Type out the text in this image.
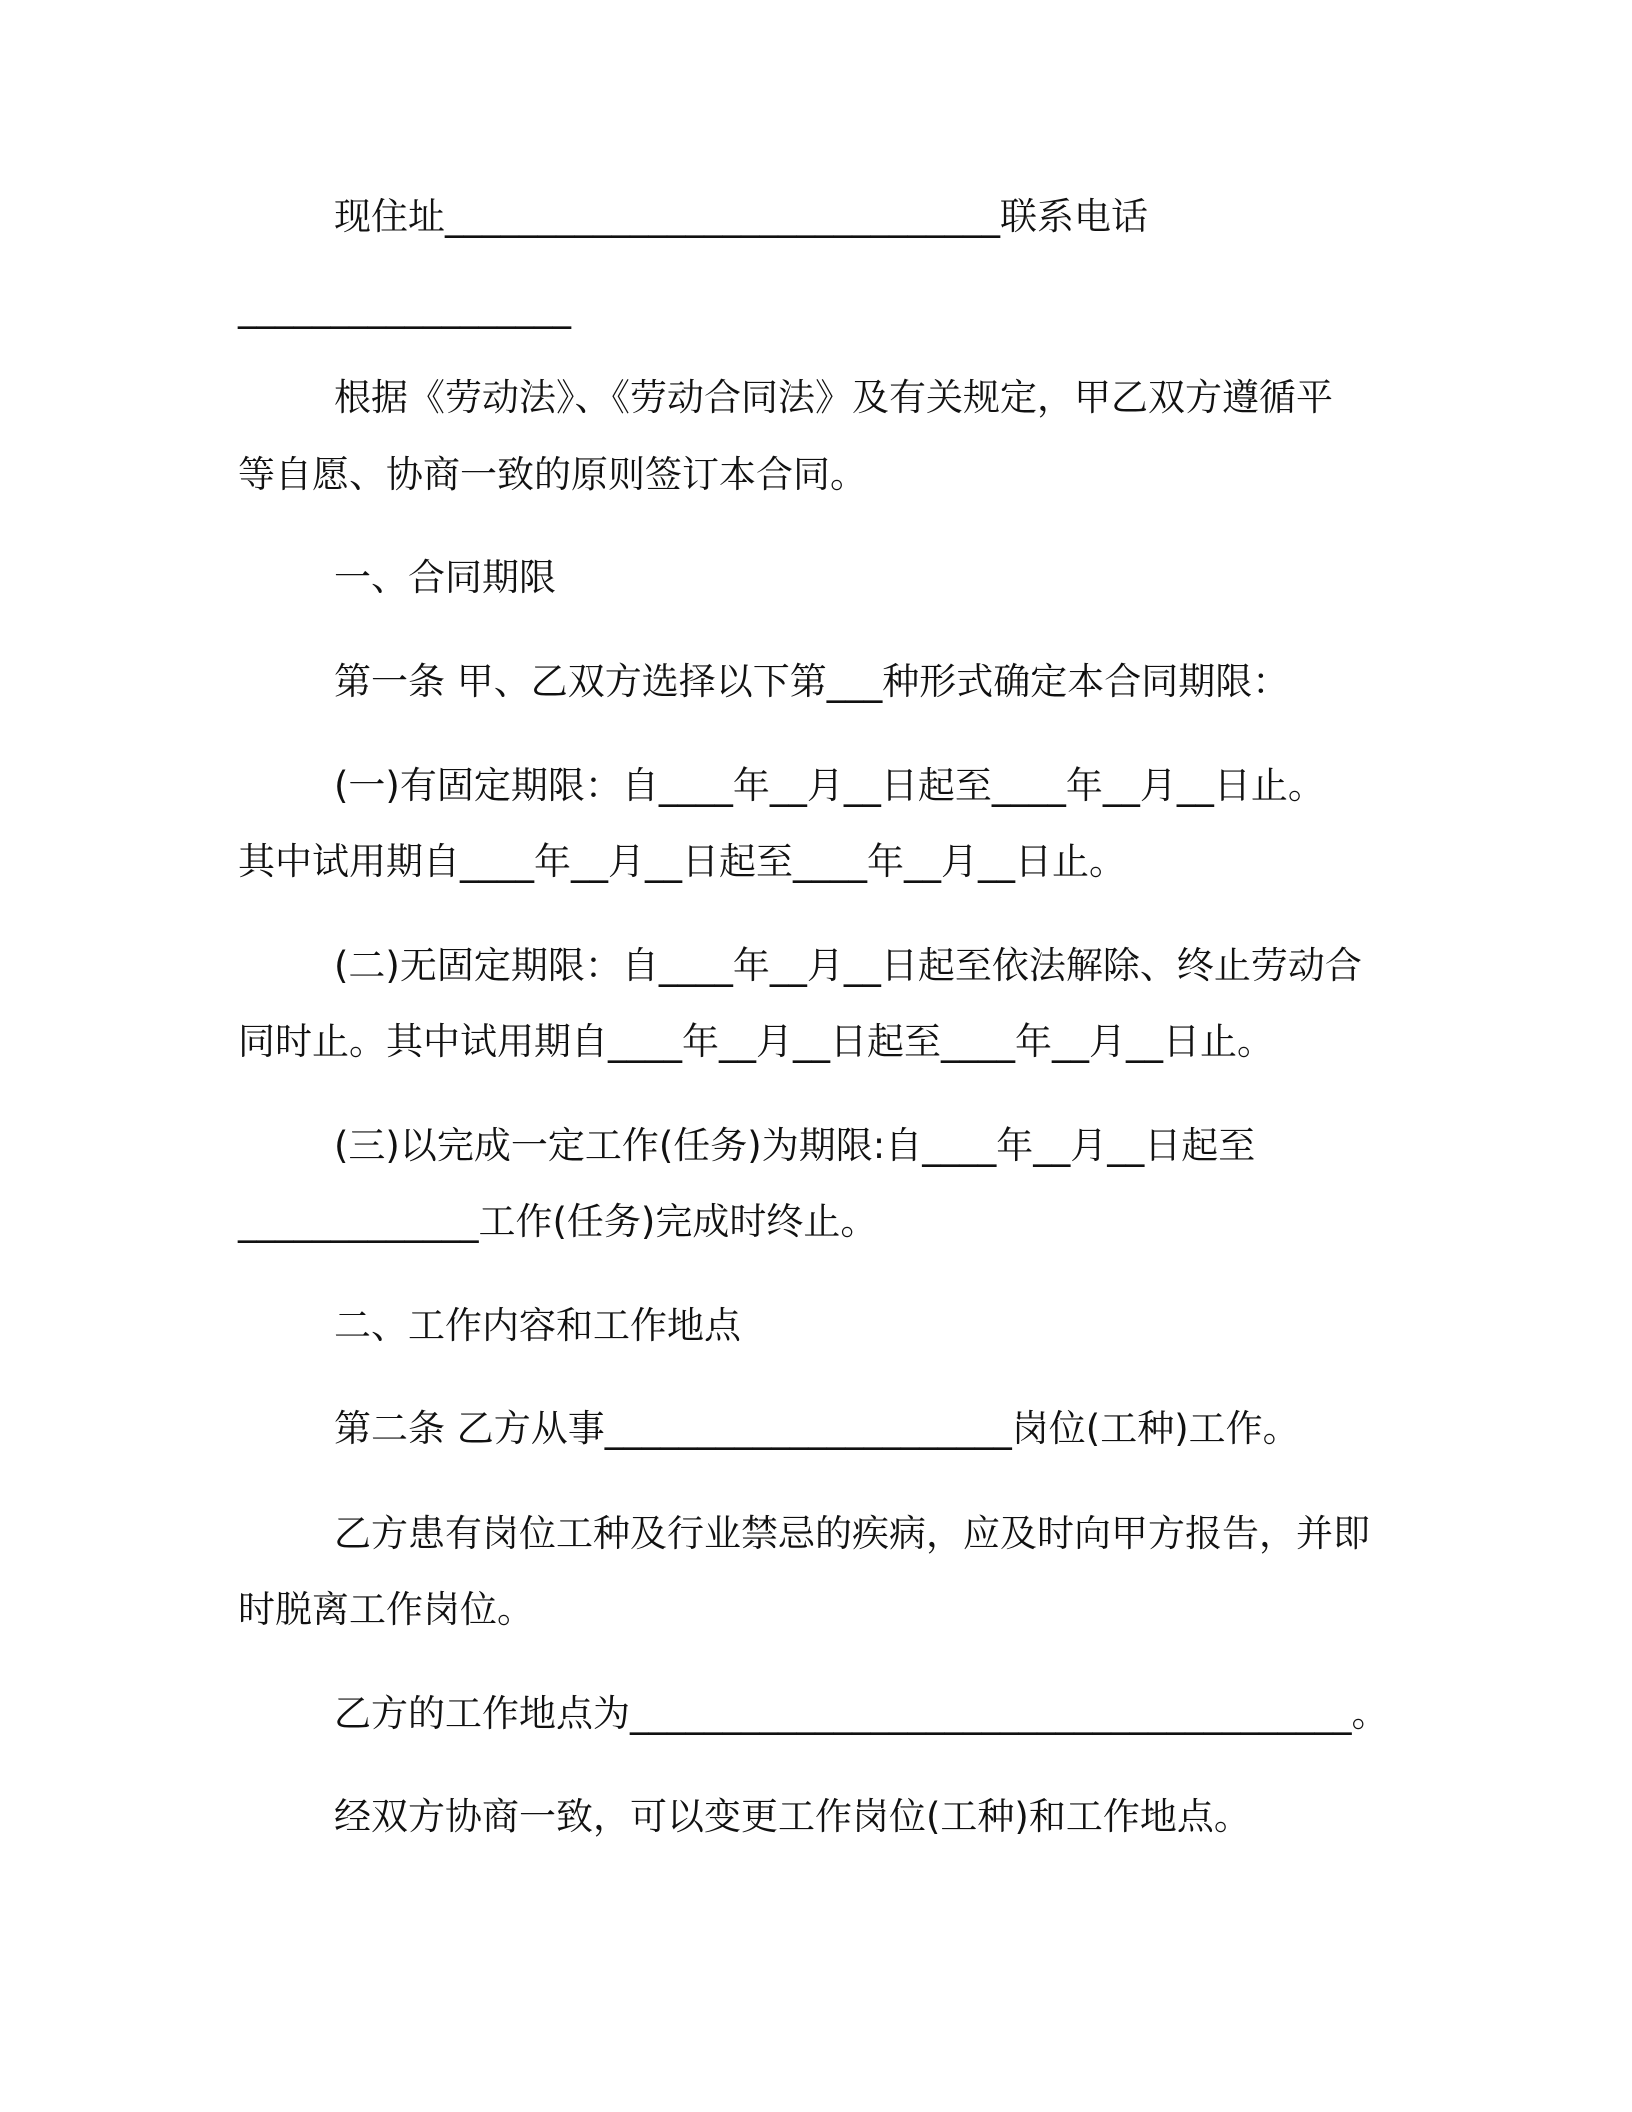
现住址______________________________联系电话
__________________
根据《劳动法》、《劳动合同法》及有关规定，甲乙双方遵循平
等自愿、协商一致的原则签订本合同。
一、合同期限
第一条 甲、乙双方选择以下第___种形式确定本合同期限：
(一)有固定期限：自____年__月__日起至____年__月__日止。
其中试用期自____年__月__日起至____年__月__日止。
(二)无固定期限：自____年__月__日起至依法解除、终止劳动合
同时止。其中试用期自____年__月__日起至____年__月__日止。
(三)以完成一定工作(任务)为期限:自____年__月__日起至
_____________工作(任务)完成时终止。
二、工作内容和工作地点
第二条 乙方从事______________________岗位(工种)工作。
乙方患有岗位工种及行业禁忌的疾病，应及时向甲方报告，并即
时脱离工作岗位。
乙方的工作地点为_______________________________________。
经双方协商一致，可以变更工作岗位(工种)和工作地点。
